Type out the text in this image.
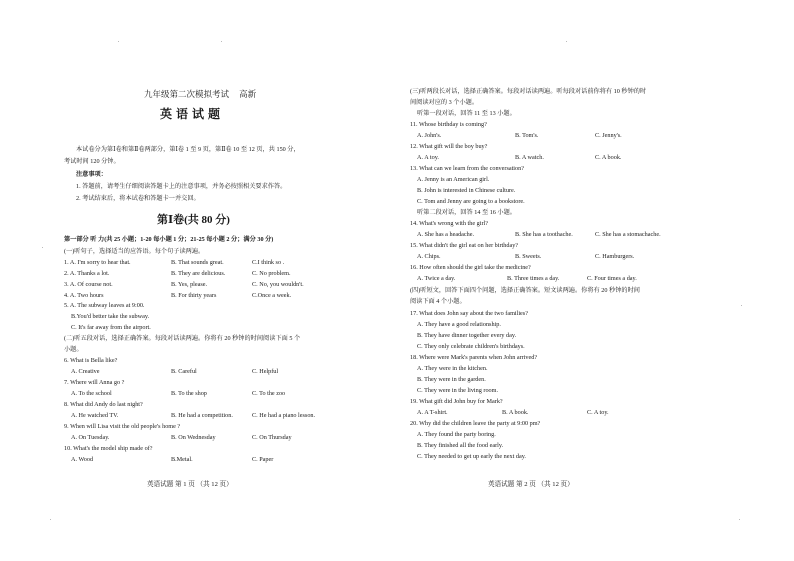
九年级第二次模拟考试 高新
英语试题
本试卷分为第Ⅰ卷和第Ⅱ卷两部分，第Ⅰ卷 1 至 9 页，第Ⅱ卷 10 至 12 页，共 150 分，
考试时间 120 分钟。
注意事项：
1. 答题前，请考生仔细阅读答题卡上的注意事项，并务必按照相关要求作答。
2. 考试结束后，将本试卷和答题卡一并交回。
第Ⅰ卷(共 80 分)
第一部分 听 力(共 25 小题；1-20 每小题 1 分；21-25 每小题 2 分；满分 30 分)
(一)听句子，选择适当的应答语。每个句子读两遍。
1. A. I'm sorry to hear that.	B. That sounds great.	C.I think so .
2. A. Thanks a lot.	B. They are delicious.	C. No problem.
3. A. Of course not.	B. Yes, please.	C. No, you wouldn't.
4. A. Two hours	B. For thirty years	C.Once a week.
5. A. The subway leaves at 9:00.
B.You'd better take the subway.
C. It's far away from the airport.
(二)听五段对话，选择正确答案。每段对话读两遍。你将有 20 秒钟的时间阅读下面 5 个
小题。
6. What is Bella like?
A. Creative	B. Careful	C. Helpful
7. Where will Anna go ?
A. To the school	B. To the shop	C. To the zoo
8. What did Andy do last night?
A. He watched TV.	B. He had a competition.	C. He had a piano lesson.
9. When will Lisa visit the old people's home ?
A. On Tuesday.	B. On Wednesday	C. On Thursday
10. What's the model ship made of?
A. Wood	B.Metal.	C. Paper
英语试题 第 1 页 （共 12 页）
(三)听两段长对话，选择正确答案。每段对话读两遍。听每段对话前你将有 10 秒钟的时
间阅读对应的 3 个小题。
听第一段对话，回答 11 至 13 小题。
11. Whose birthday is coming?
A. John's.	B. Tom's.	C. Jenny's.
12. What gift will the boy buy?
A. A toy.	B. A watch.	C. A book.
13. What can we learn from the conversation?
A. Jenny is an American girl.
B. John is interested in Chinese culture.
C. Tom and Jenny are going to a bookstore.
听第二段对话，回答 14 至 16 小题。
14. What's wrong with the girl?
A. She has a headache.	B. She has a toothache.	C. She has a stomachache.
15. What didn't the girl eat on her birthday?
A. Chips.	B. Sweets.	C. Hamburgers.
16. How often should the girl take the medicine?
A. Twice a day.	B. Three times a day.	C. Four times a day.
(四)听短文，回答下面四个问题，选择正确答案。短文读两遍。你将有 20 秒钟的时间
阅读下面 4 个小题。
17. What does John say about the two families?
A. They have a good relationship.
B. They have dinner together every day.
C. They only celebrate children's birthdays.
18. Where were Mark's parents when John arrived?
A. They were in the kitchen.
B. They were in the garden.
C. They were in the living room.
19. What gift did John buy for Mark?
A. A T-shirt.	B. A book.	C. A toy.
20. Why did the children leave the party at 9:00 pm?
A. They found the party boring.
B. They finished all the food early.
C. They needed to get up early the next day.
英语试题 第 2 页 （共 12 页）
